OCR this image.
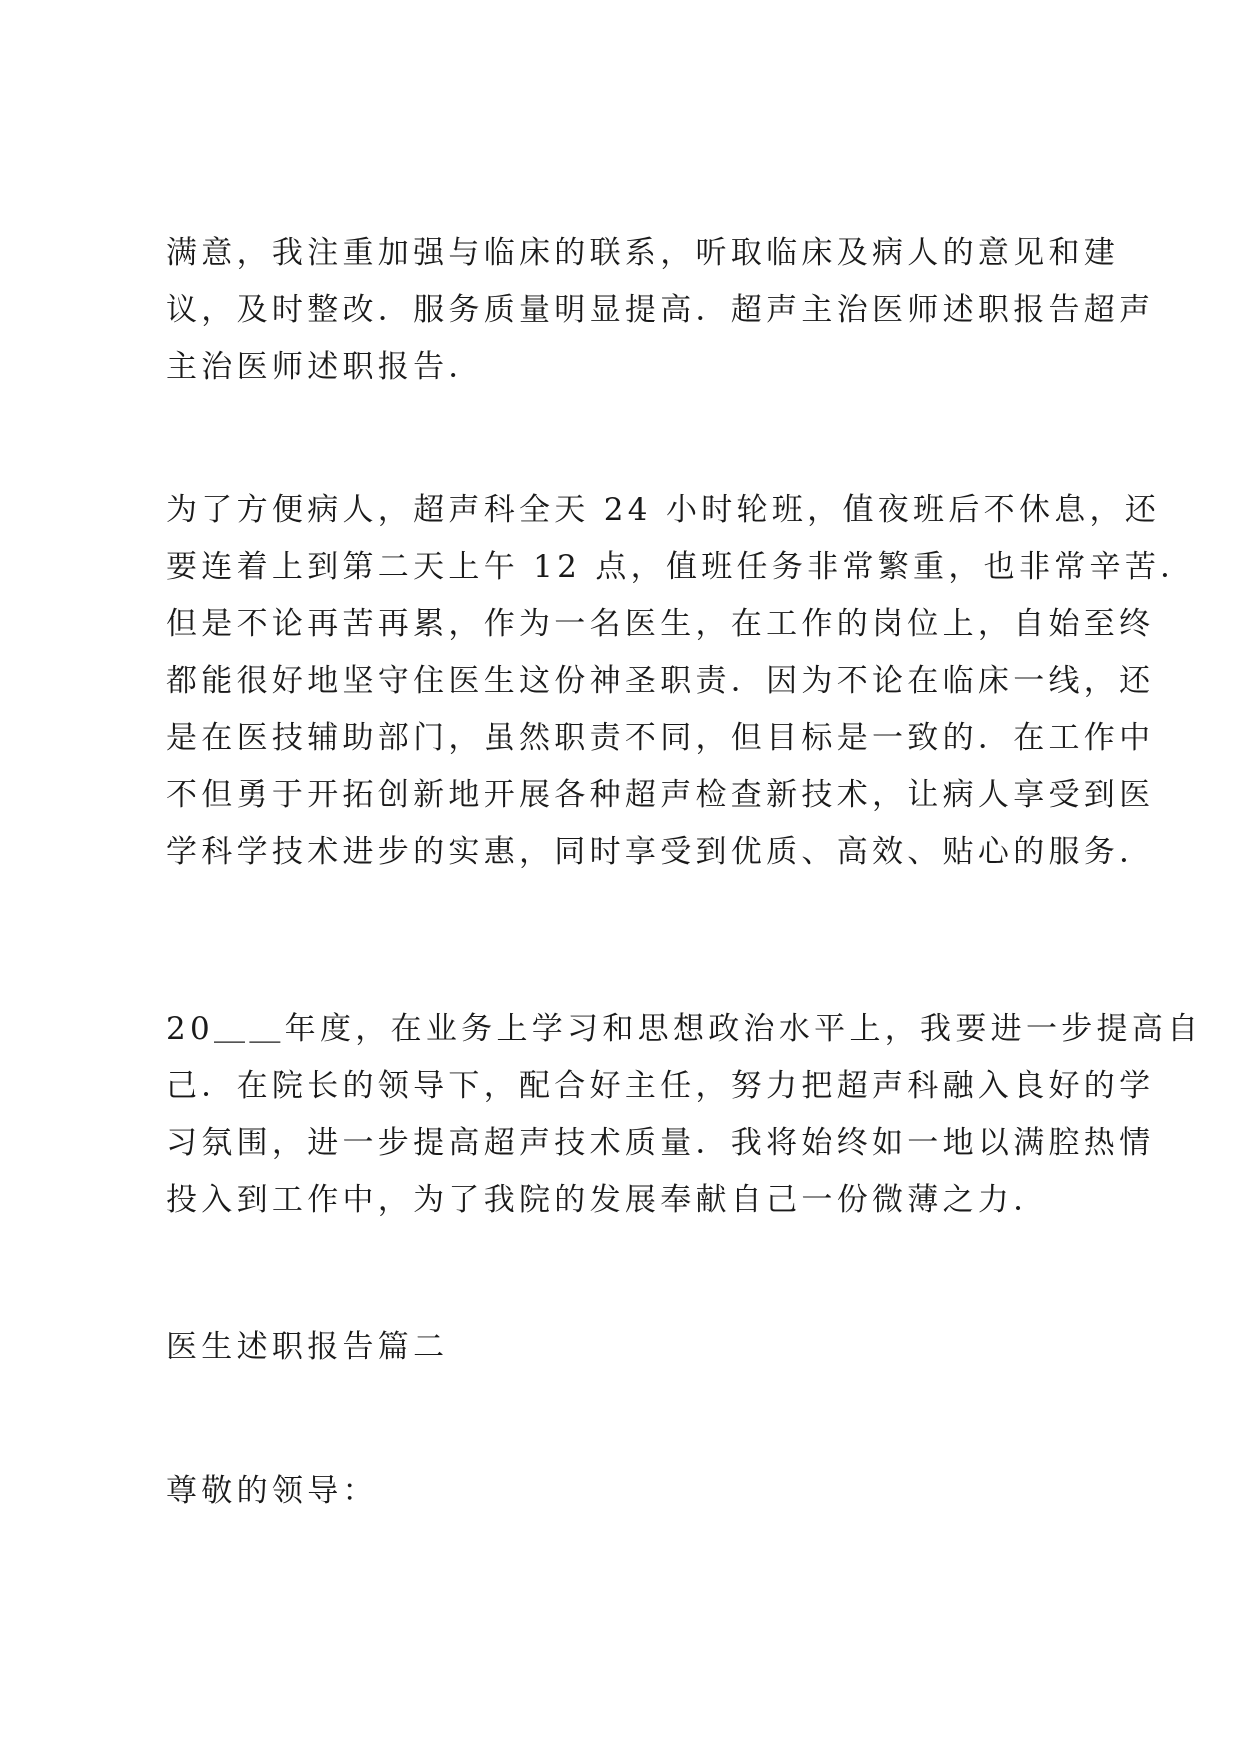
满意，我注重加强与临床的联系，听取临床及病人的意见和建
议，及时整改．服务质量明显提高．超声主治医师述职报告超声
主治医师述职报告．

为了方便病人，超声科全天 24 小时轮班，值夜班后不休息，还
要连着上到第二天上午 12 点，值班任务非常繁重，也非常辛苦．
但是不论再苦再累，作为一名医生，在工作的岗位上，自始至终
都能很好地坚守住医生这份神圣职责．因为不论在临床一线，还
是在医技辅助部门，虽然职责不同，但目标是一致的．在工作中
不但勇于开拓创新地开展各种超声检查新技术，让病人享受到医
学科学技术进步的实惠，同时享受到优质、高效、贴心的服务．

20＿＿年度，在业务上学习和思想政治水平上，我要进一步提高自
己．在院长的领导下，配合好主任，努力把超声科融入良好的学
习氛围，进一步提高超声技术质量．我将始终如一地以满腔热情
投入到工作中，为了我院的发展奉献自己一份微薄之力．

医生述职报告篇二

尊敬的领导：
